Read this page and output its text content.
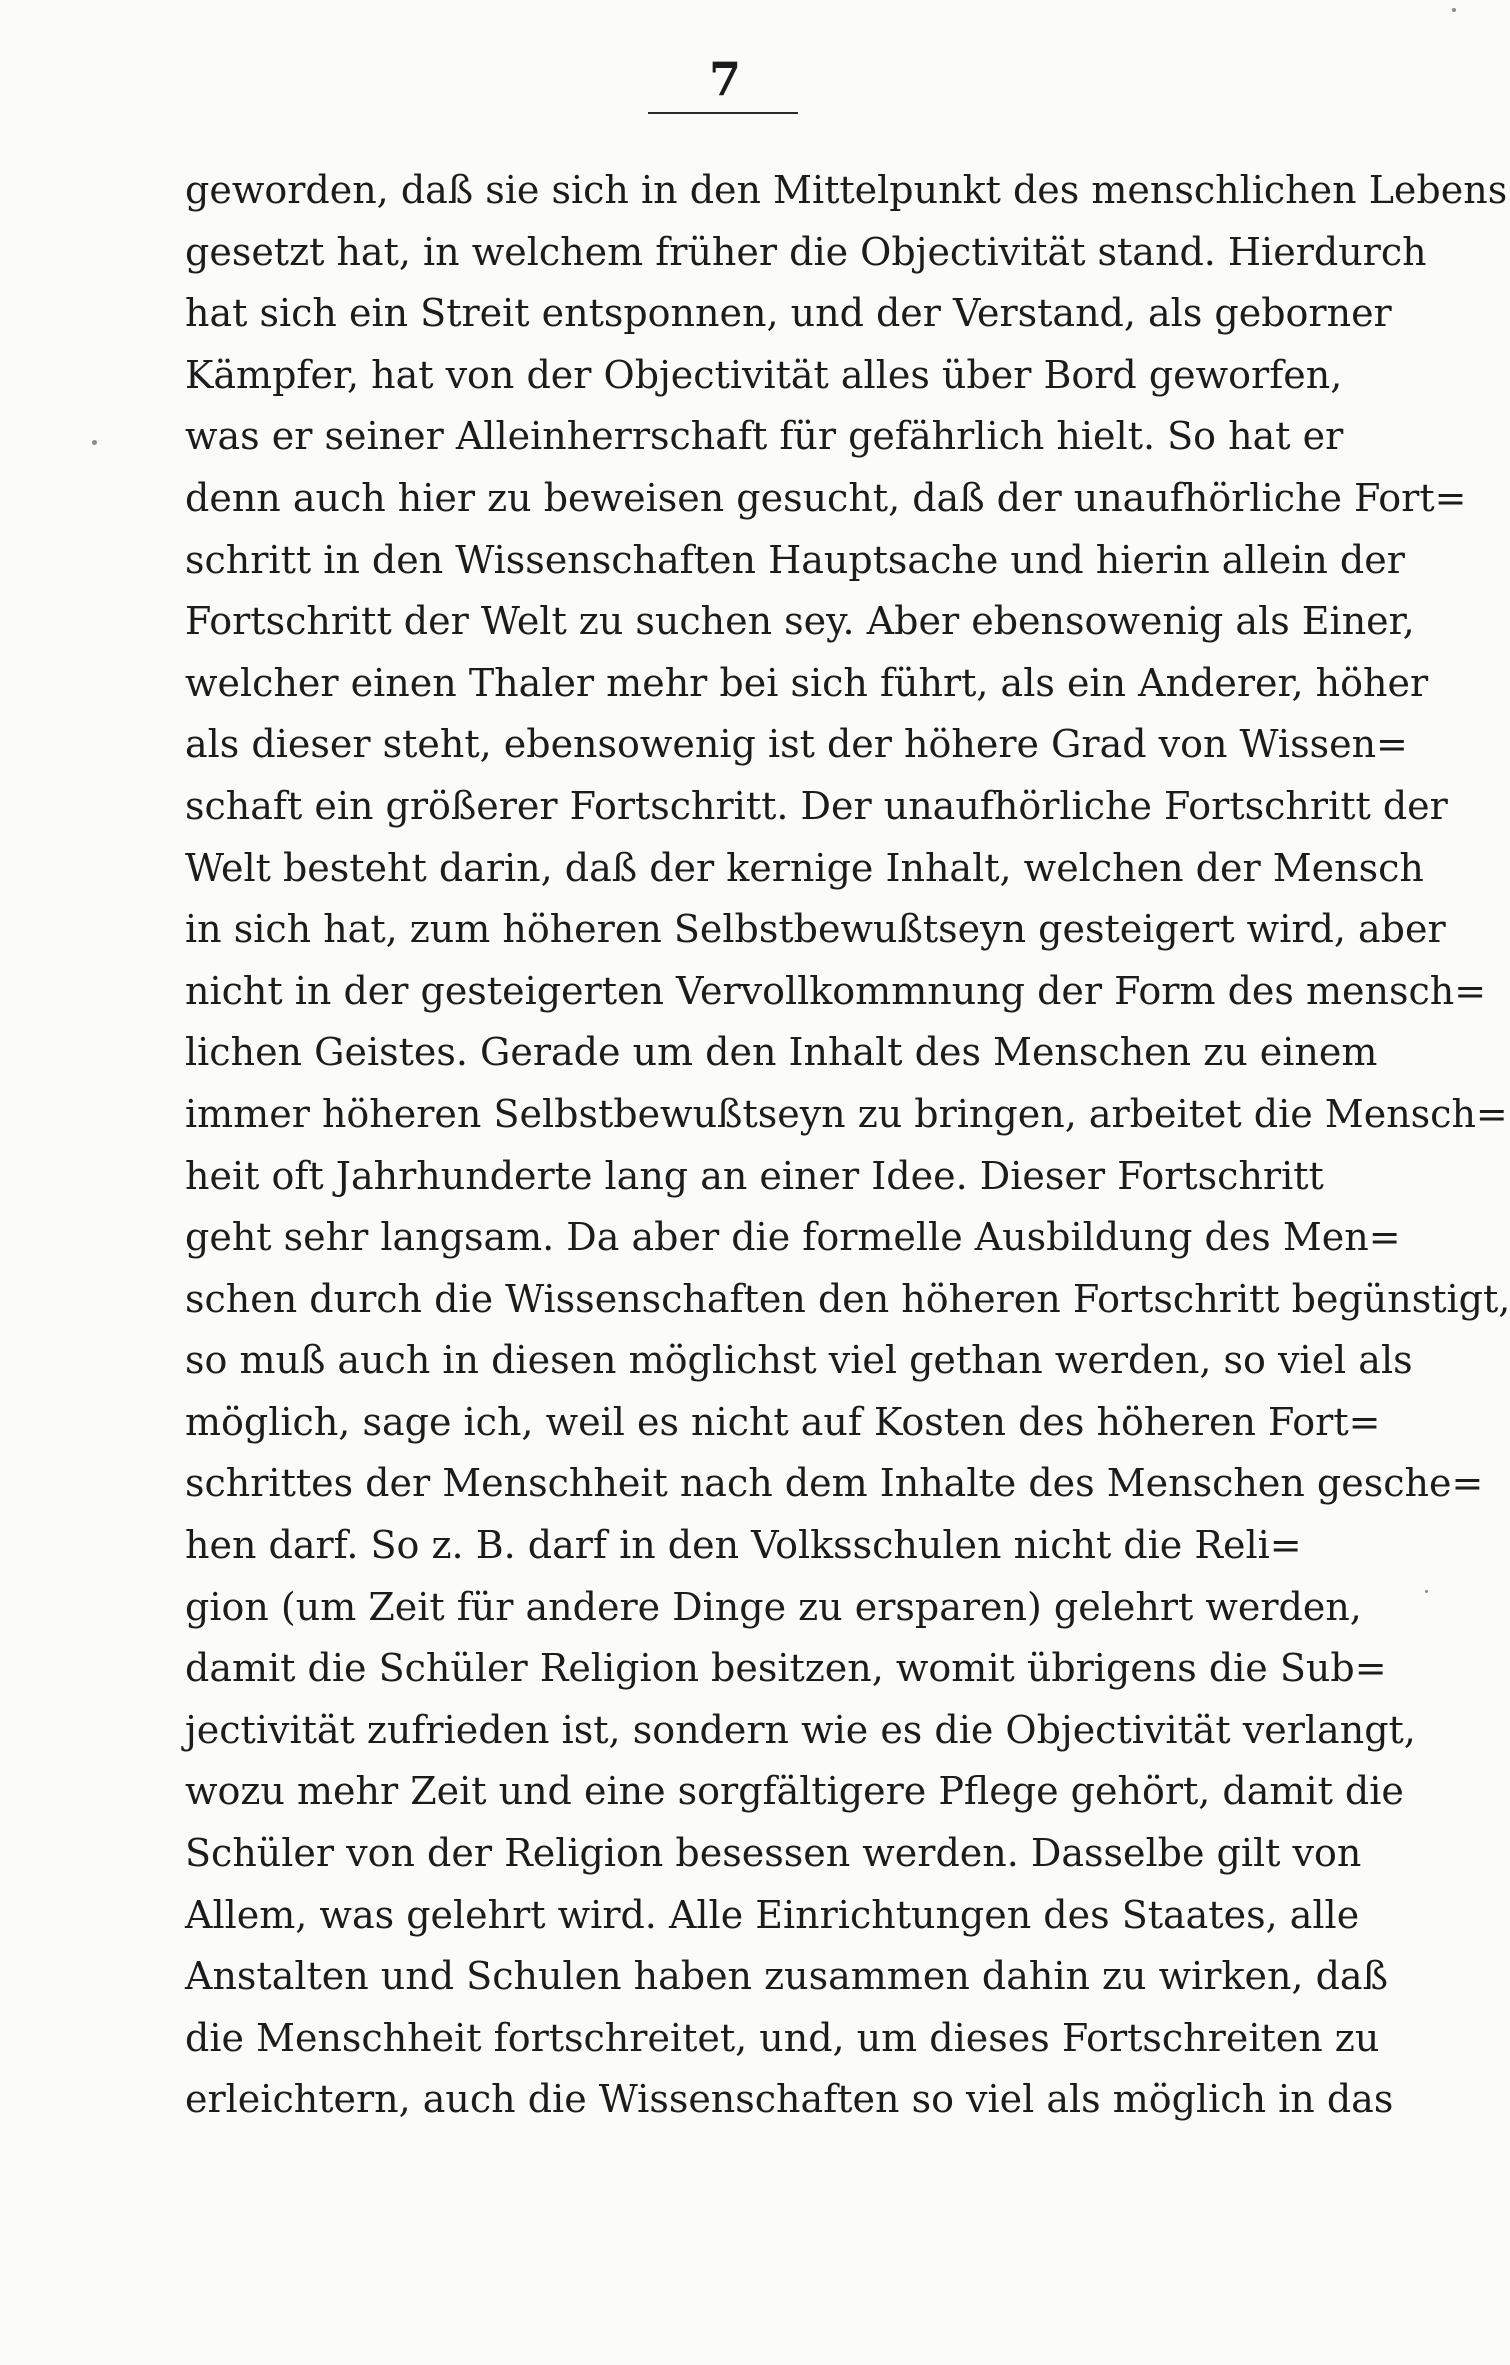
7
geworden, daß sie sich in den Mittelpunkt des menschlichen Lebens
gesetzt hat, in welchem früher die Objectivität stand. Hierdurch
hat sich ein Streit entsponnen, und der Verstand, als geborner
Kämpfer, hat von der Objectivität alles über Bord geworfen,
was er seiner Alleinherrschaft für gefährlich hielt. So hat er
denn auch hier zu beweisen gesucht, daß der unaufhörliche Fort=
schritt in den Wissenschaften Hauptsache und hierin allein der
Fortschritt der Welt zu suchen sey. Aber ebensowenig als Einer,
welcher einen Thaler mehr bei sich führt, als ein Anderer, höher
als dieser steht, ebensowenig ist der höhere Grad von Wissen=
schaft ein größerer Fortschritt. Der unaufhörliche Fortschritt der
Welt besteht darin, daß der kernige Inhalt, welchen der Mensch
in sich hat, zum höheren Selbstbewußtseyn gesteigert wird, aber
nicht in der gesteigerten Vervollkommnung der Form des mensch=
lichen Geistes. Gerade um den Inhalt des Menschen zu einem
immer höheren Selbstbewußtseyn zu bringen, arbeitet die Mensch=
heit oft Jahrhunderte lang an einer Idee. Dieser Fortschritt
geht sehr langsam. Da aber die formelle Ausbildung des Men=
schen durch die Wissenschaften den höheren Fortschritt begünstigt,
so muß auch in diesen möglichst viel gethan werden, so viel als
möglich, sage ich, weil es nicht auf Kosten des höheren Fort=
schrittes der Menschheit nach dem Inhalte des Menschen gesche=
hen darf. So z. B. darf in den Volksschulen nicht die Reli=
gion (um Zeit für andere Dinge zu ersparen) gelehrt werden,
damit die Schüler Religion besitzen, womit übrigens die Sub=
jectivität zufrieden ist, sondern wie es die Objectivität verlangt,
wozu mehr Zeit und eine sorgfältigere Pflege gehört, damit die
Schüler von der Religion besessen werden. Dasselbe gilt von
Allem, was gelehrt wird. Alle Einrichtungen des Staates, alle
Anstalten und Schulen haben zusammen dahin zu wirken, daß
die Menschheit fortschreitet, und, um dieses Fortschreiten zu
erleichtern, auch die Wissenschaften so viel als möglich in das
